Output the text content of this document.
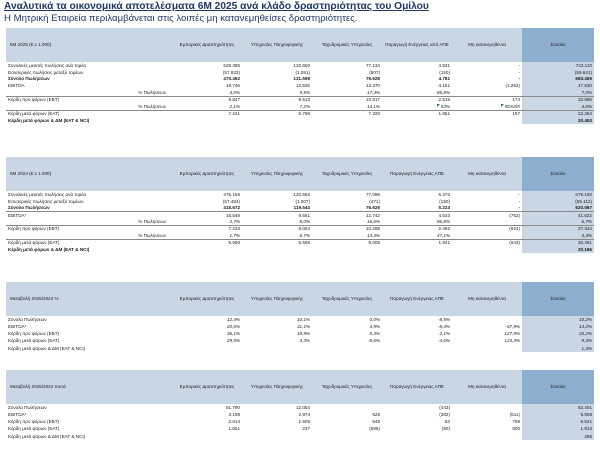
Αναλυτικά τα οικονομικά αποτελέσματα 6Μ 2025 ανά κλάδο δραστηριότητας του Ομίλου
Η Μητρική Εταιρεία περιλαμβάνεται στις λοιπές μη κατανεμηθείσες δραστηριότητες.
6M 2025 (€ x 1.000)	Εμπορικές Δραστηριότητες	Υπηρεσίες Πληροφορικής	Ταχυδρομικές Υπηρεσίες	Παραγωγή Ενέργειας από ΑΠΕ	Μη κατανεμηθέντα	Σύνολο
Συνολικές μεικτές πωλήσεις ανά τομέα	528.395	132.650	77.134	4.931	-	743.110
Εσωτερικές πωλήσεις μεταξύ τομέων	(57.933)	(1.051)	(507)	(150)	-	(59.641)
Σύνολο Πωλήσεων	470.462	131.598	76.628	4.781	-	683.469
EBITDA	18.746	12.525	13.370	4.151	(1.262)	47.530
% Πωλήσεων	4,0%	9,5%	17,4%	86,8%		7,0%
Κέρδη προ φόρων (EBT)	9.847	9.513	10.817	2.515	174	32.866
% Πωλήσεων	2,1%	7,2%	14,1%	53%	#DIV/0!	4,8%
Κέρδη μετά φόρων (EAT)	7.241	5.796	7.320	1.851	157	22.364
Κέρδη μετά φόρων & ΔΜ (EAT & NCI)						20.453
6M 2024 (€ x 1.000)	Εμπορικές Δραστηριότητες	Υπηρεσίες Πληροφορικής	Ταχυδρομικές Υπηρεσίες	Παραγωγή Ενέργειας ΑΠΕ	Μη κατανεμηθέντα	Σύνολο
Συνολικές μεικτές πωλήσεις ανά τομέα	476.156	120.552	77.099	5.373	-	679.180
Εσωτερικές πωλήσεις μεταξύ τομέων	(57.484)	(1.007)	(471)	(150)	-	(59.112)
Σύνολο Πωλήσεων	418.672	119.544	76.628	5.223	-	620.067
EBITDA*	15.548	9.551	12.742	4.533	(752)	41.622
% Πωλήσεων	3,7%	8,0%	16,6%	86,8%		6,7%
Κέρδη προ φόρων (EBT)	7.233	8.004	10.269	2.462	(624)	27.344
% Πωλήσεων	1,7%	6,7%	13,4%	47,1%		4,4%
Κέρδη μετά φόρων (EAT)	5.590	5.559	8.005	1.941	(643)	20.451
Κέρδη μετά φόρων & ΔΜ (EAT & NCI)						20.166
Μεταβολή 2025/2024 %	Εμπορικές Δραστηριότητες	Υπηρεσίες Πληροφορικής	Ταχυδρομικές Υπηρεσίες	Παραγωγή Ενέργειας ΑΠΕ	Μη κατανεμηθέντα	Σύνολο
Σύνολο Πωλήσεων	12,4%	10,1%	0,0%	-8,5%		10,2%
EBITDA*	20,6%	31,1%	4,9%	-8,4%	-67,9%	14,2%
Κέρδη προ φόρων (EBT)	36,1%	18,9%	5,3%	2,1%	127,9%	20,2%
Κέρδη μετά φόρων (EAT)	29,5%	4,3%	-8,6%	-4,6%	124,3%	9,4%
Κέρδη μετά φόρων & ΔΜ (EAT & NCI)						1,4%
Μεταβολή 2025/2024 ποσά	Εμπορικές Δραστηριότητες	Υπηρεσίες Πληροφορικής	Ταχυδρομικές Υπηρεσίες	Παραγωγή Ενέργειας ΑΠΕ	Μη κατανεμηθέντα	Σύνολο
Σύνολο Πωλήσεων	51.790	12.054		(443)		63.401
EBITDA*	3.198	2.974	628	(382)	(511)	5.908
Κέρδη προ φόρων (EBT)	2.614	1.509	548	53	798	5.521
Κέρδη μετά φόρων (EAT)	1.651	237	(685)	(90)	800	1.913
Κέρδη μετά φόρων & ΔΜ (EAT & NCI)						288
